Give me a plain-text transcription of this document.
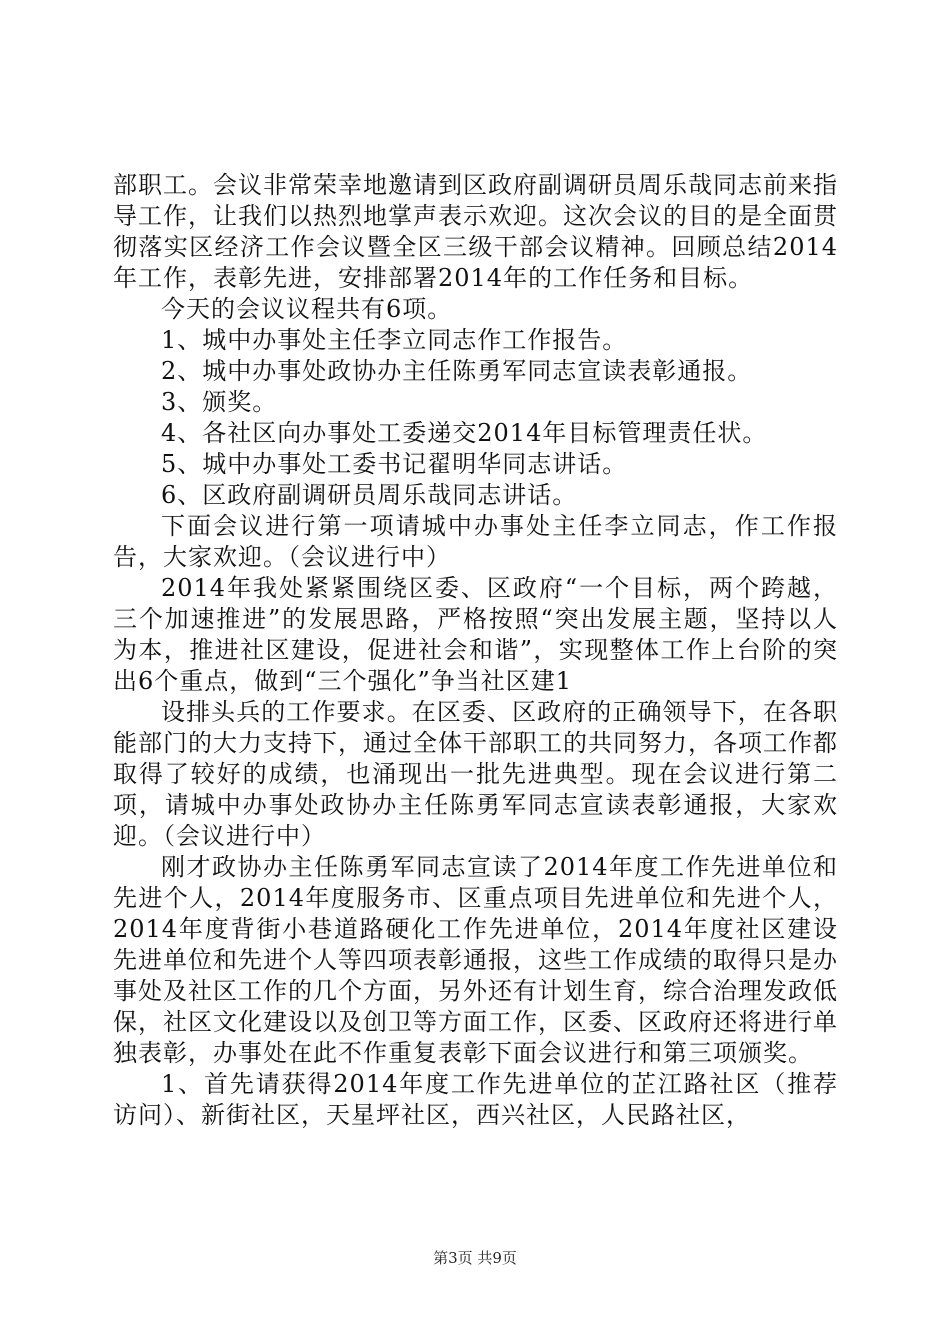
部职工。会议非常荣幸地邀请到区政府副调研员周乐哉同志前来指导工作，让我们以热烈地掌声表示欢迎。这次会议的目的是全面贯彻落实区经济工作会议暨全区三级干部会议精神。回顾总结2014年工作，表彰先进，安排部署2014年的工作任务和目标。

今天的会议议程共有6项。

1、城中办事处主任李立同志作工作报告。

2、城中办事处政协办主任陈勇军同志宣读表彰通报。

3、颁奖。

4、各社区向办事处工委递交2014年目标管理责任状。

5、城中办事处工委书记翟明华同志讲话。

6、区政府副调研员周乐哉同志讲话。

下面会议进行第一项请城中办事处主任李立同志，作工作报告，大家欢迎。（会议进行中）

2014年我处紧紧围绕区委、区政府“一个目标，两个跨越，三个加速推进”的发展思路，严格按照“突出发展主题，坚持以人为本，推进社区建设，促进社会和谐”，实现整体工作上台阶的突出6个重点，做到“三个强化”争当社区建1

设排头兵的工作要求。在区委、区政府的正确领导下，在各职能部门的大力支持下，通过全体干部职工的共同努力，各项工作都取得了较好的成绩，也涌现出一批先进典型。现在会议进行第二项，请城中办事处政协办主任陈勇军同志宣读表彰通报，大家欢迎。（会议进行中）

刚才政协办主任陈勇军同志宣读了2014年度工作先进单位和先进个人，2014年度服务市、区重点项目先进单位和先进个人，2014年度背街小巷道路硬化工作先进单位，2014年度社区建设先进单位和先进个人等四项表彰通报，这些工作成绩的取得只是办事处及社区工作的几个方面，另外还有计划生育，综合治理发政低保，社区文化建设以及创卫等方面工作，区委、区政府还将进行单独表彰，办事处在此不作重复表彰下面会议进行和第三项颁奖。

1、首先请获得2014年度工作先进单位的芷江路社区（推荐访问）、新街社区，天星坪社区，西兴社区，人民路社区，

第3页 共9页
